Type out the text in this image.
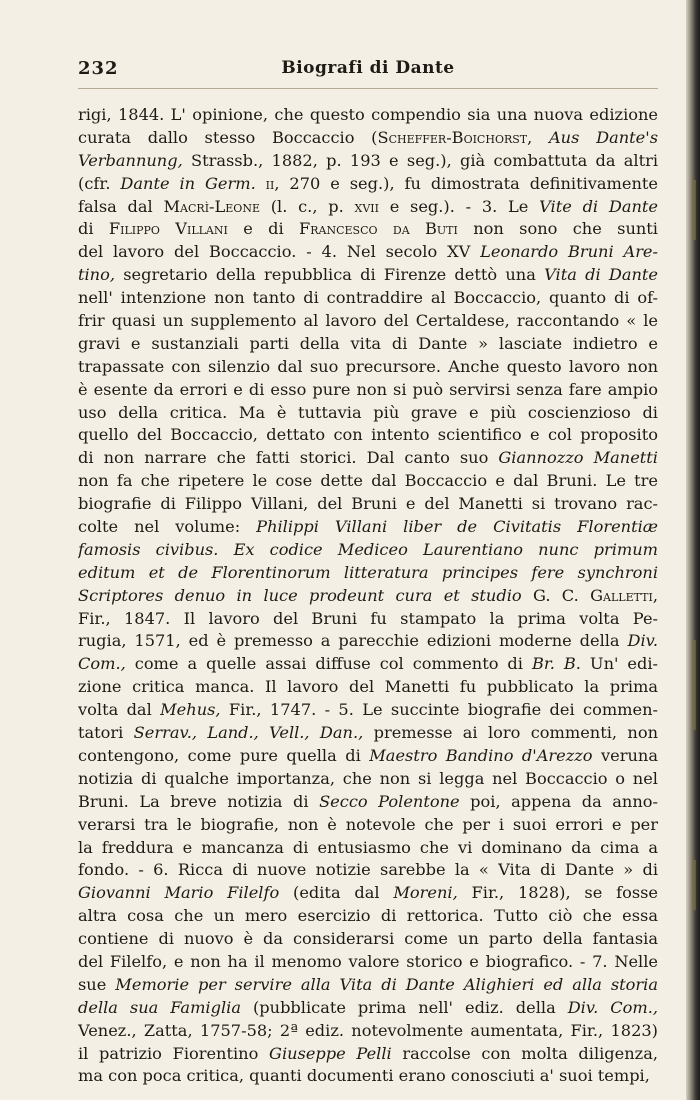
Biografi di Dante
232
rigi, 1844. L' opinione, che questo compendio sia una nuova edizione
curata dallo stesso Boccaccio (Scheffer-Boichorst, Aus Dante's
Verbannung, Strassb., 1882, p. 193 e seg.), già combattuta da altri
(cfr. Dante in Germ. ii, 270 e seg.), fu dimostrata definitivamente
falsa dal Macrì-Leone (l. c., p. xvii e seg.). - 3. Le Vite di Dante
di Filippo Villani e di Francesco da Buti non sono che sunti
del lavoro del Boccaccio. - 4. Nel secolo XV Leonardo Bruni Are-
tino, segretario della repubblica di Firenze dettò una Vita di Dante
nell' intenzione non tanto di contraddire al Boccaccio, quanto di of-
frir quasi un supplemento al lavoro del Certaldese, raccontando « le
gravi e sustanziali parti della vita di Dante » lasciate indietro e
trapassate con silenzio dal suo precursore. Anche questo lavoro non
è esente da errori e di esso pure non si può servirsi senza fare ampio
uso della critica. Ma è tuttavia più grave e più coscienzioso di
quello del Boccaccio, dettato con intento scientifico e col proposito
di non narrare che fatti storici. Dal canto suo Giannozzo Manetti
non fa che ripetere le cose dette dal Boccaccio e dal Bruni. Le tre
biografie di Filippo Villani, del Bruni e del Manetti si trovano rac-
colte nel volume: Philippi Villani liber de Civitatis Florentiæ
famosis civibus. Ex codice Mediceo Laurentiano nunc primum
editum et de Florentinorum litteratura principes fere synchroni
Scriptores denuo in luce prodeunt cura et studio G. C. Galletti,
Fir., 1847. Il lavoro del Bruni fu stampato la prima volta Pe-
rugia, 1571, ed è premesso a parecchie edizioni moderne della Div.
Com., come a quelle assai diffuse col commento di Br. B. Un' edi-
zione critica manca. Il lavoro del Manetti fu pubblicato la prima
volta dal Mehus, Fir., 1747. - 5. Le succinte biografie dei commen-
tatori Serrav., Land., Vell., Dan., premesse ai loro commenti, non
contengono, come pure quella di Maestro Bandino d'Arezzo veruna
notizia di qualche importanza, che non si legga nel Boccaccio o nel
Bruni. La breve notizia di Secco Polentone poi, appena da anno-
verarsi tra le biografie, non è notevole che per i suoi errori e per
la freddura e mancanza di entusiasmo che vi dominano da cima a
fondo. - 6. Ricca di nuove notizie sarebbe la « Vita di Dante » di
Giovanni Mario Filelfo (edita dal Moreni, Fir., 1828), se fosse
altra cosa che un mero esercizio di rettorica. Tutto ciò che essa
contiene di nuovo è da considerarsi come un parto della fantasia
del Filelfo, e non ha il menomo valore storico e biografico. - 7. Nelle
sue Memorie per servire alla Vita di Dante Alighieri ed alla storia
della sua Famiglia (pubblicate prima nell' ediz. della Div. Com.,
Venez., Zatta, 1757-58; 2ª ediz. notevolmente aumentata, Fir., 1823)
il patrizio Fiorentino Giuseppe Pelli raccolse con molta diligenza,
ma con poca critica, quanti documenti erano conosciuti a' suoi tempi,
